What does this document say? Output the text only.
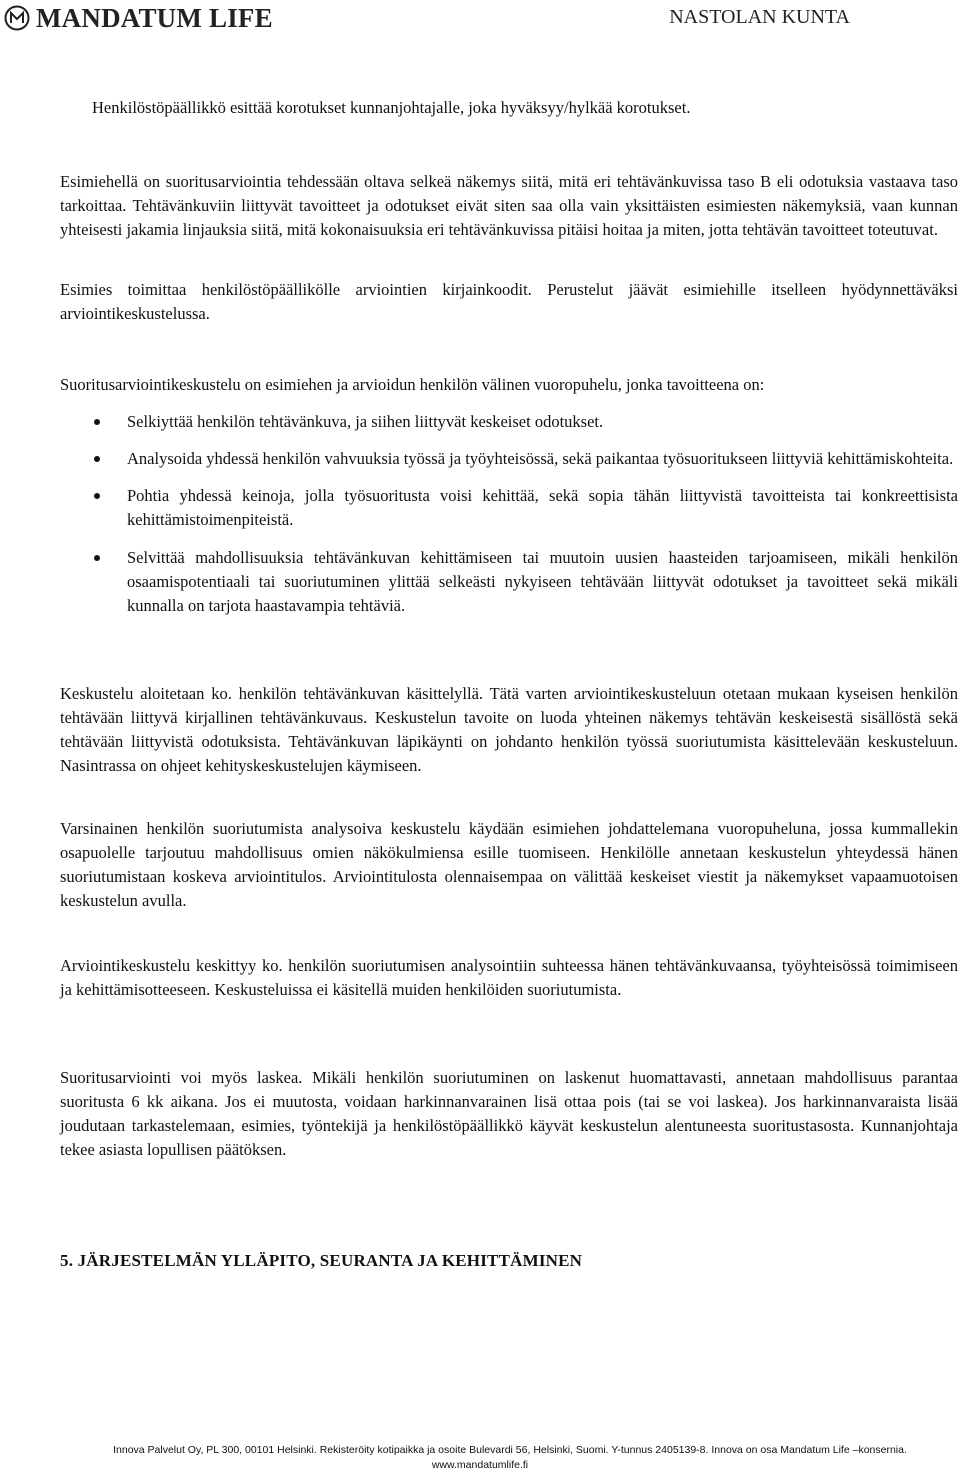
MANDATUM LIFE	NASTOLAN KUNTA

Henkilöstöpäällikkö esittää korotukset kunnanjohtajalle, joka hyväksyy/hylkää korotukset.

Esimiehellä on suoritusarviointia tehdessään oltava selkeä näkemys siitä, mitä eri tehtävänkuvissa taso B eli odotuksia vastaava taso tarkoittaa. Tehtävänkuviin liittyvät tavoitteet ja odotukset eivät siten saa olla vain yksittäisten esimiesten näkemyksiä, vaan kunnan yhteisesti jakamia linjauksia siitä, mitä kokonaisuuksia eri tehtävänkuvissa pitäisi hoitaa ja miten, jotta tehtävän tavoitteet toteutuvat.

Esimies toimittaa henkilöstöpäällikölle arviointien kirjainkoodit. Perustelut jäävät esimiehille itselleen hyödynnettäväksi arviointikeskustelussa.

Suoritusarviointikeskustelu on esimiehen ja arvioidun henkilön välinen vuoropuhelu, jonka tavoitteena on:

Selkiyttää henkilön tehtävänkuva, ja siihen liittyvät keskeiset odotukset.
Analysoida yhdessä henkilön vahvuuksia työssä ja työyhteisössä, sekä paikantaa työsuoritukseen liittyviä kehittämiskohteita.
Pohtia yhdessä keinoja, jolla työsuoritusta voisi kehittää, sekä sopia tähän liittyvistä tavoitteista tai konkreettisista kehittämistoimenpiteistä.
Selvittää mahdollisuuksia tehtävänkuvan kehittämiseen tai muutoin uusien haasteiden tarjoamiseen, mikäli henkilön osaamispotentiaali tai suoriutuminen ylittää selkeästi nykyiseen tehtävään liittyvät odotukset ja tavoitteet sekä mikäli kunnalla on tarjota haastavampia tehtäviä.

Keskustelu aloitetaan ko. henkilön tehtävänkuvan käsittelyllä. Tätä varten arviointikeskusteluun otetaan mukaan kyseisen henkilön tehtävään liittyvä kirjallinen tehtävänkuvaus. Keskustelun tavoite on luoda yhteinen näkemys tehtävän keskeisestä sisällöstä sekä tehtävään liittyvistä odotuksista. Tehtävänkuvan läpikäynti on johdanto henkilön työssä suoriutumista käsittelevään keskusteluun. Nasintrassa on ohjeet kehityskeskustelujen käymiseen.

Varsinainen henkilön suoriutumista analysoiva keskustelu käydään esimiehen johdattelemana vuoropuheluna, jossa kummallekin osapuolelle tarjoutuu mahdollisuus omien näkökulmiensa esille tuomiseen. Henkilölle annetaan keskustelun yhteydessä hänen suoriutumistaan koskeva arviointitulos. Arviointitulosta olennaisempaa on välittää keskeiset viestit ja näkemykset vapaamuotoisen keskustelun avulla.

Arviointikeskustelu keskittyy ko. henkilön suoriutumisen analysointiin suhteessa hänen tehtävänkuvaansa, työyhteisössä toimimiseen ja kehittämisotteeseen. Keskusteluissa ei käsitellä muiden henkilöiden suoriutumista.

Suoritusarviointi voi myös laskea. Mikäli henkilön suoriutuminen on laskenut huomattavasti, annetaan mahdollisuus parantaa suoritusta 6 kk aikana. Jos ei muutosta, voidaan harkinnanvarainen lisä ottaa pois (tai se voi laskea). Jos harkinnanvaraista lisää joudutaan tarkastelemaan, esimies, työntekijä ja henkilöstöpäällikkö käyvät keskustelun alentuneesta suoritustasosta. Kunnanjohtaja tekee asiasta lopullisen päätöksen.

5. JÄRJESTELMÄN YLLÄPITO, SEURANTA JA KEHITTÄMINEN
Innova Palvelut Oy, PL 300, 00101 Helsinki. Rekisteröity kotipaikka ja osoite Bulevardi 56, Helsinki, Suomi. Y-tunnus 2405139-8. Innova on osa Mandatum Life –konsernia.
www.mandatumlife.fi
